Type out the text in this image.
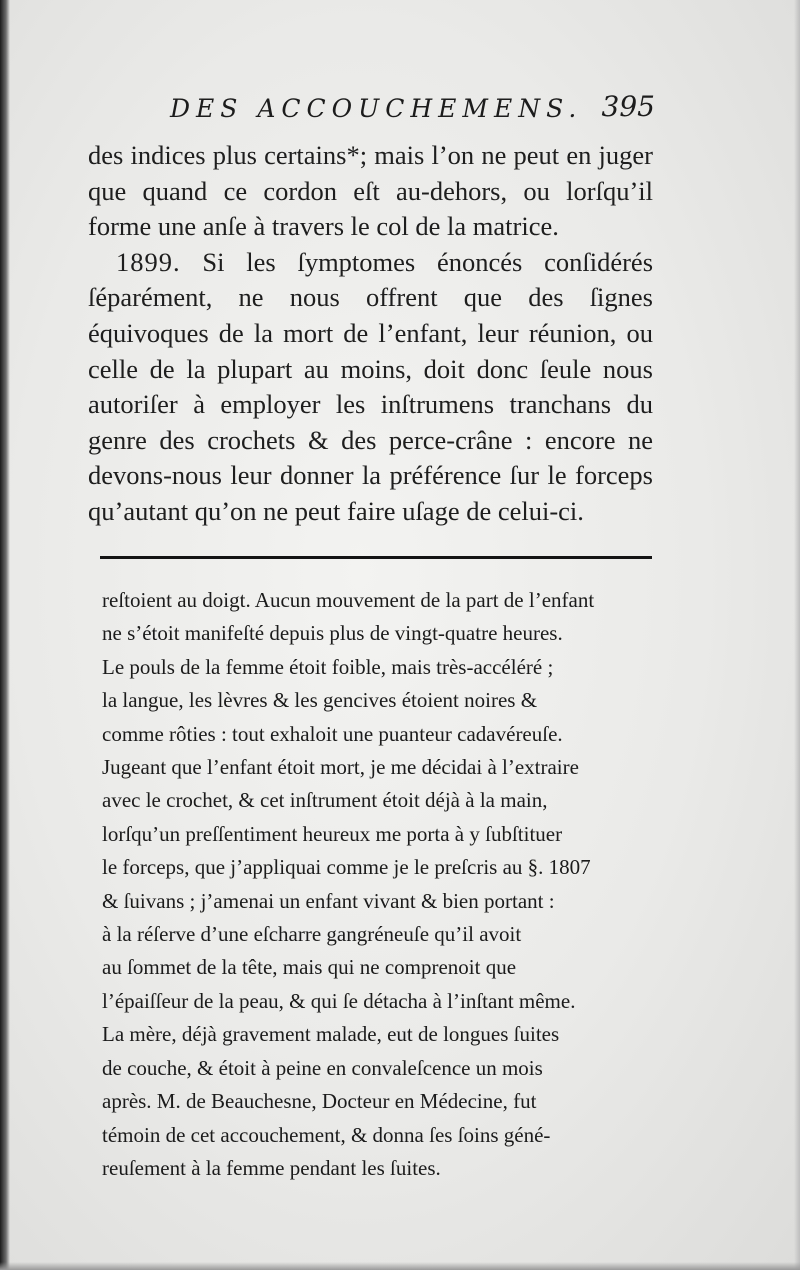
DES ACCOUCHEMENS. 395

des indices plus certains*; mais l’on ne peut en juger que quand ce cordon eſt au-dehors, ou lorſqu’il forme une anſe à travers le col de la matrice.

1899. Si les ſymptomes énoncés conſidérés ſéparément, ne nous offrent que des ſignes équivoques de la mort de l’enfant, leur réunion, ou celle de la plupart au moins, doit donc ſeule nous autoriſer à employer les inſtrumens tranchans du genre des crochets & des perce-crâne : encore ne devons-nous leur donner la préférence ſur le forceps qu’autant qu’on ne peut faire uſage de celui-ci.

reſtoient au doigt. Aucun mouvement de la part de l’enfant
ne s’étoit manifeſté depuis plus de vingt-quatre heures.
Le pouls de la femme étoit foible, mais très-accéléré ;
la langue, les lèvres & les gencives étoient noires &
comme rôties : tout exhaloit une puanteur cadavéreuſe.
Jugeant que l’enfant étoit mort, je me décidai à l’extraire
avec le crochet, & cet inſtrument étoit déjà à la main,
lorſqu’un preſſentiment heureux me porta à y ſubſtituer
le forceps, que j’appliquai comme je le preſcris au §. 1807
& ſuivans ; j’amenai un enfant vivant & bien portant :
à la réſerve d’une eſcharre gangréneuſe qu’il avoit
au ſommet de la tête, mais qui ne comprenoit que
l’épaiſſeur de la peau, & qui ſe détacha à l’inſtant même.
La mère, déjà gravement malade, eut de longues ſuites
de couche, & étoit à peine en convaleſcence un mois
après. M. de Beauchesne, Docteur en Médecine, fut
témoin de cet accouchement, & donna ſes ſoins géné-
reuſement à la femme pendant les ſuites.
